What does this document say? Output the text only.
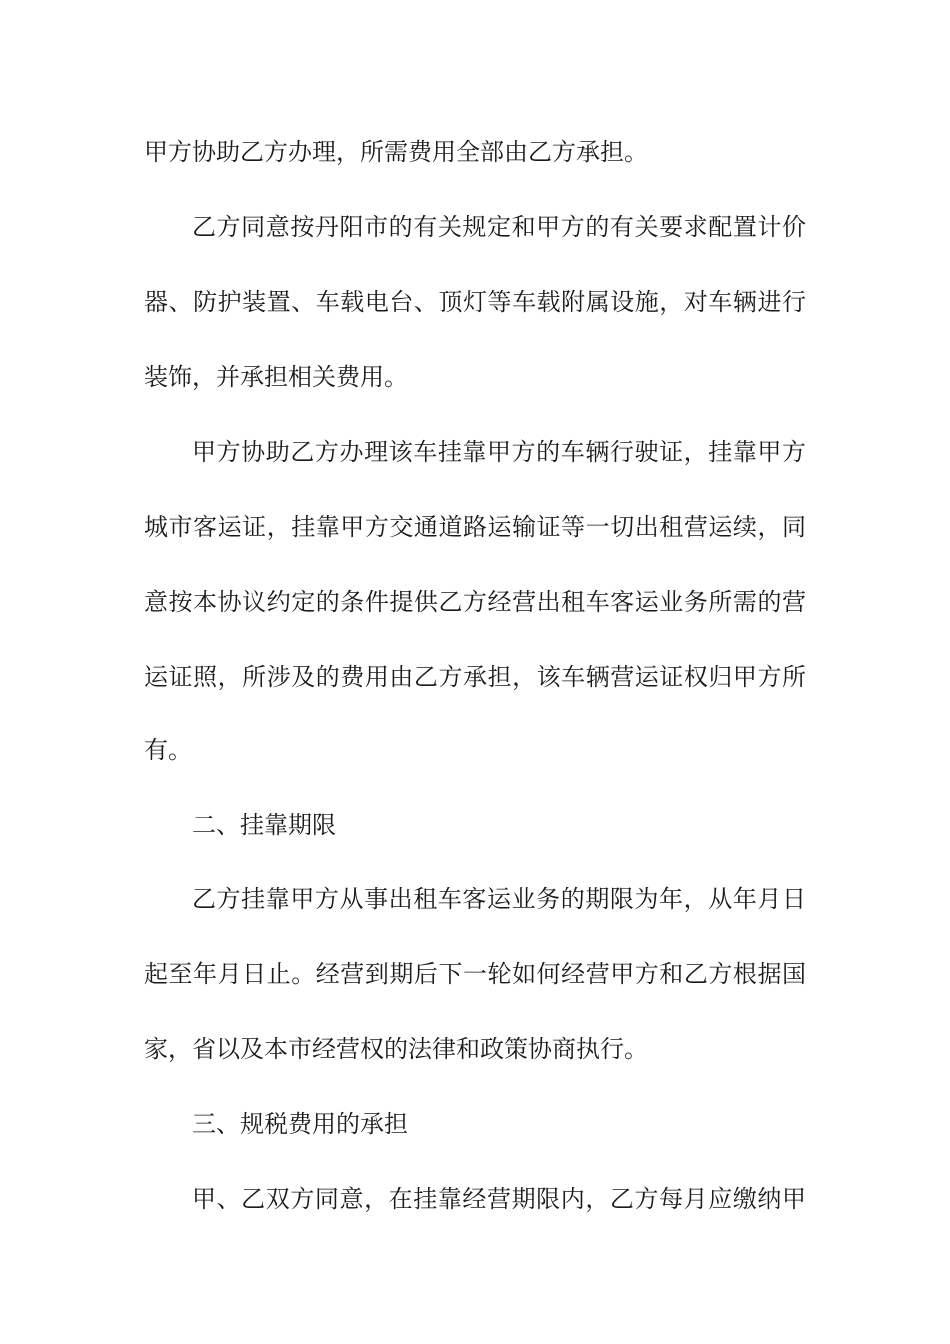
甲方协助乙方办理，所需费用全部由乙方承担。
乙方同意按丹阳市的有关规定和甲方的有关要求配置计价
器、防护装置、车载电台、顶灯等车载附属设施，对车辆进行
装饰，并承担相关费用。
甲方协助乙方办理该车挂靠甲方的车辆行驶证，挂靠甲方
城市客运证，挂靠甲方交通道路运输证等一切出租营运续，同
意按本协议约定的条件提供乙方经营出租车客运业务所需的营
运证照，所涉及的费用由乙方承担，该车辆营运证权归甲方所
有。
二、挂靠期限
乙方挂靠甲方从事出租车客运业务的期限为年，从年月日
起至年月日止。经营到期后下一轮如何经营甲方和乙方根据国
家，省以及本市经营权的法律和政策协商执行。
三、规税费用的承担
甲、乙双方同意，在挂靠经营期限内，乙方每月应缴纳甲
